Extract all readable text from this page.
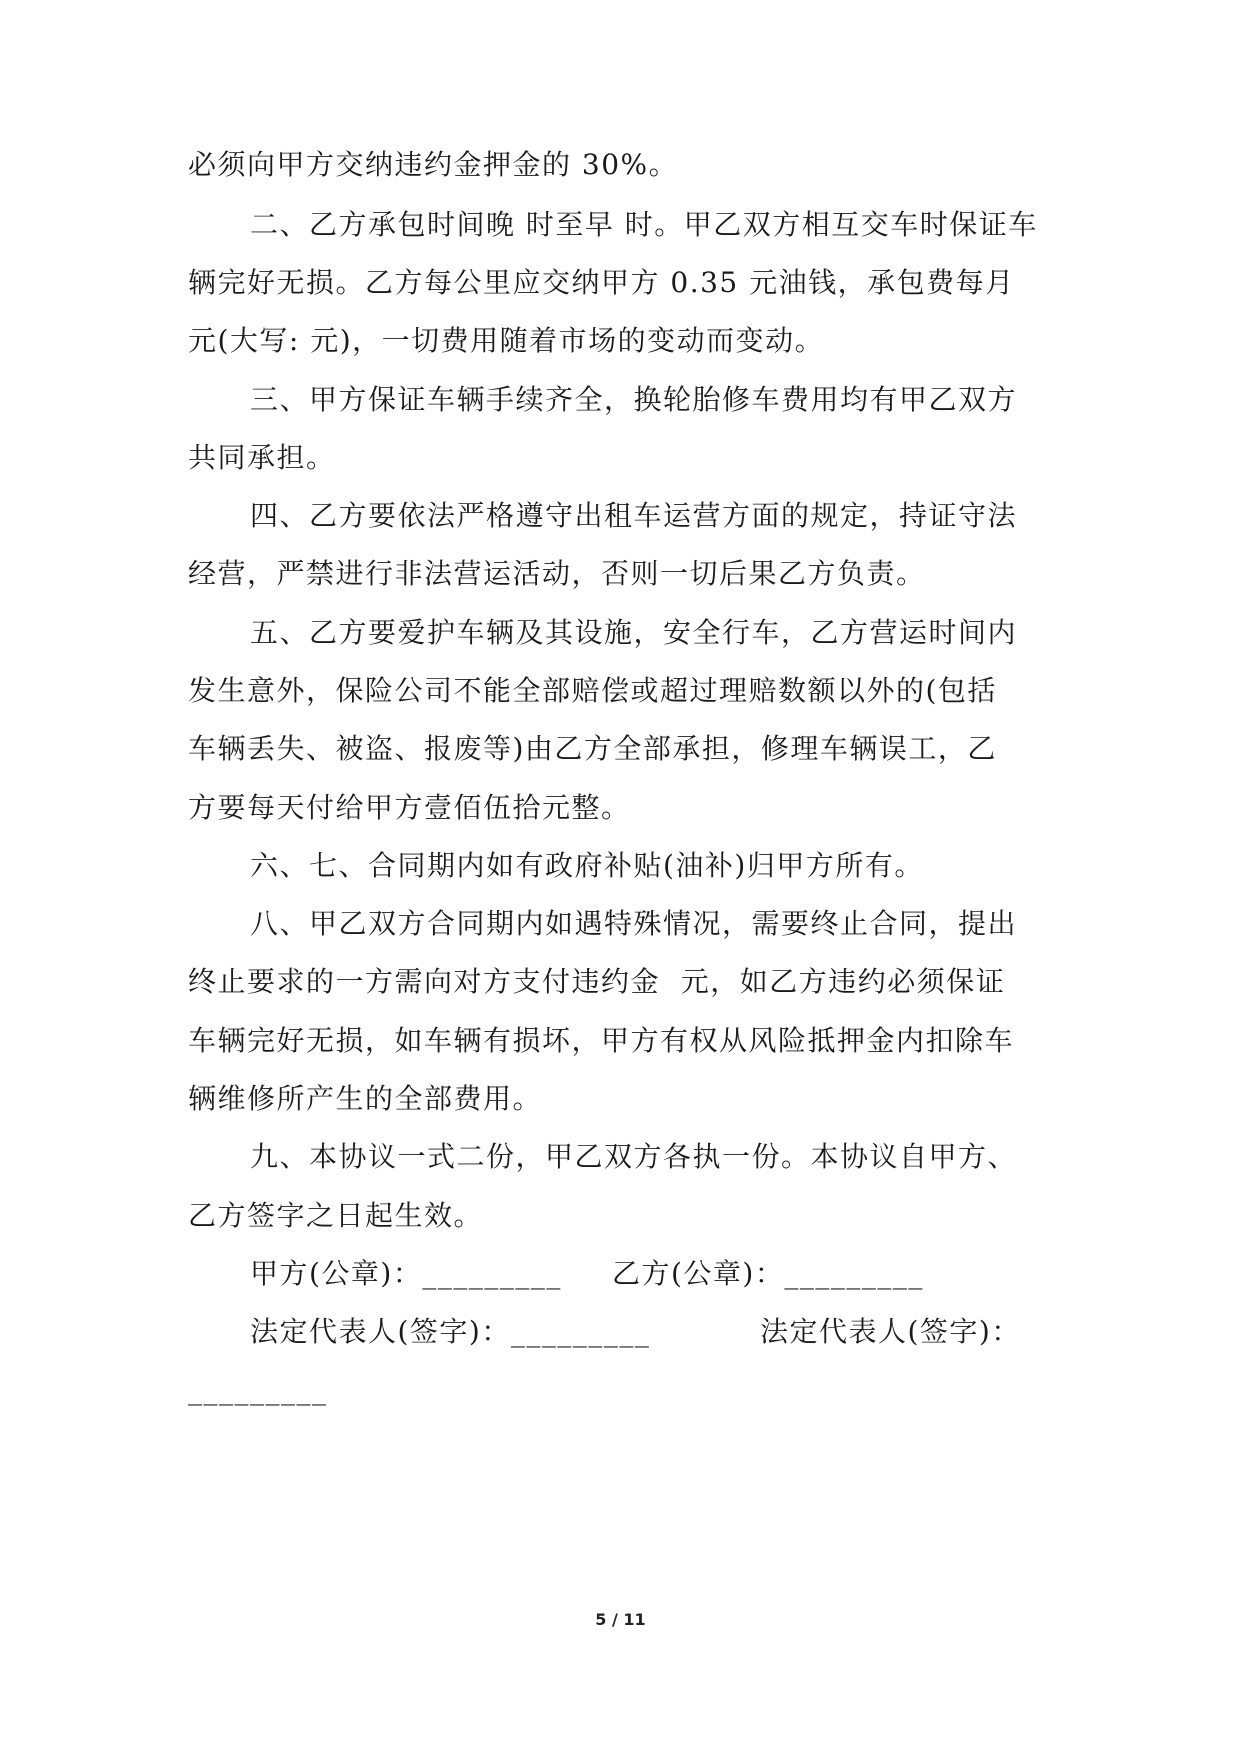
必须向甲方交纳违约金押金的 30%。
二、乙方承包时间晚 时至早 时。甲乙双方相互交车时保证车
辆完好无损。乙方每公里应交纳甲方 0.35 元油钱，承包费每月
元(大写: 元)，一切费用随着市场的变动而变动。
三、甲方保证车辆手续齐全，换轮胎修车费用均有甲乙双方
共同承担。
四、乙方要依法严格遵守出租车运营方面的规定，持证守法
经营，严禁进行非法营运活动，否则一切后果乙方负责。
五、乙方要爱护车辆及其设施，安全行车，乙方营运时间内
发生意外，保险公司不能全部赔偿或超过理赔数额以外的(包括
车辆丢失、被盗、报废等)由乙方全部承担，修理车辆误工，乙
方要每天付给甲方壹佰伍拾元整。
六、七、合同期内如有政府补贴(油补)归甲方所有。
八、甲乙双方合同期内如遇特殊情况，需要终止合同，提出
终止要求的一方需向对方支付违约金  元，如乙方违约必须保证
车辆完好无损，如车辆有损坏，甲方有权从风险抵押金内扣除车
辆维修所产生的全部费用。
九、本协议一式二份，甲乙双方各执一份。本协议自甲方、
乙方签字之日起生效。
甲方(公章)：_________ 乙方(公章)：_________
法定代表人(签字)：_________	法定代表人(签字)：
_________
5 / 11
